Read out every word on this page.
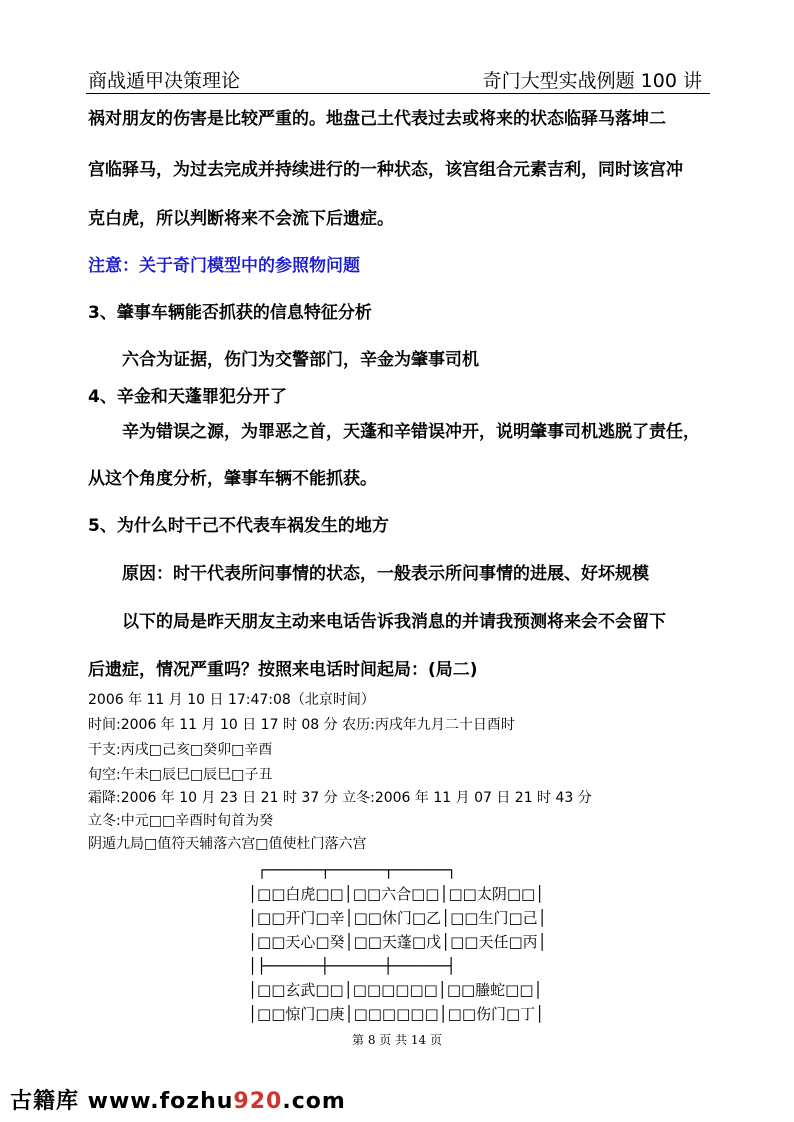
商战遁甲决策理论	奇门大型实战例题 100 讲
祸对朋友的伤害是比较严重的。地盘己土代表过去或将来的状态临驿马落坤二
宫临驿马，为过去完成并持续进行的一种状态，该宫组合元素吉利，同时该宫冲
克白虎，所以判断将来不会流下后遗症。
注意：关于奇门模型中的参照物问题
3、肇事车辆能否抓获的信息特征分析
六合为证据，伤门为交警部门，辛金为肇事司机
4、辛金和天蓬罪犯分开了
辛为错误之源，为罪恶之首，天蓬和辛错误冲开，说明肇事司机逃脱了责任，
从这个角度分析，肇事车辆不能抓获。
5、为什么时干己不代表车祸发生的地方
原因：时干代表所问事情的状态，一般表示所问事情的进展、好坏规模
以下的局是昨天朋友主动来电话告诉我消息的并请我预测将来会不会留下
后遗症，情况严重吗？按照来电话时间起局：(局二)
2006 年 11 月 10 日 17:47:08（北京时间）
时间:2006 年 11 月 10 日 17 时 08 分 农历:丙戌年九月二十日酉时
干支:丙戌□己亥□癸卯□辛酉
旬空:午未□辰巳□辰巳□子丑
霜降:2006 年 10 月 23 日 21 时 37 分 立冬:2006 年 11 月 07 日 21 时 43 分
立冬:中元□□辛酉时旬首为癸
阴遁九局□值符天辅落六宫□值使杜门落六宫
┌──────┬──────┬──────┐
│□□白虎□□│□□六合□□│□□太阴□□│
│□□开门□辛│□□休门□乙│□□生门□己│
│□□天心□癸│□□天蓬□戊│□□天任□丙│
│├──────┼──────┼──────┤
│□□玄武□□│□□□□□□│□□螣蛇□□│
│□□惊门□庚│□□□□□□│□□伤门□丁│
第 8 页 共 14 页
古籍库 www.fozhu920.com
